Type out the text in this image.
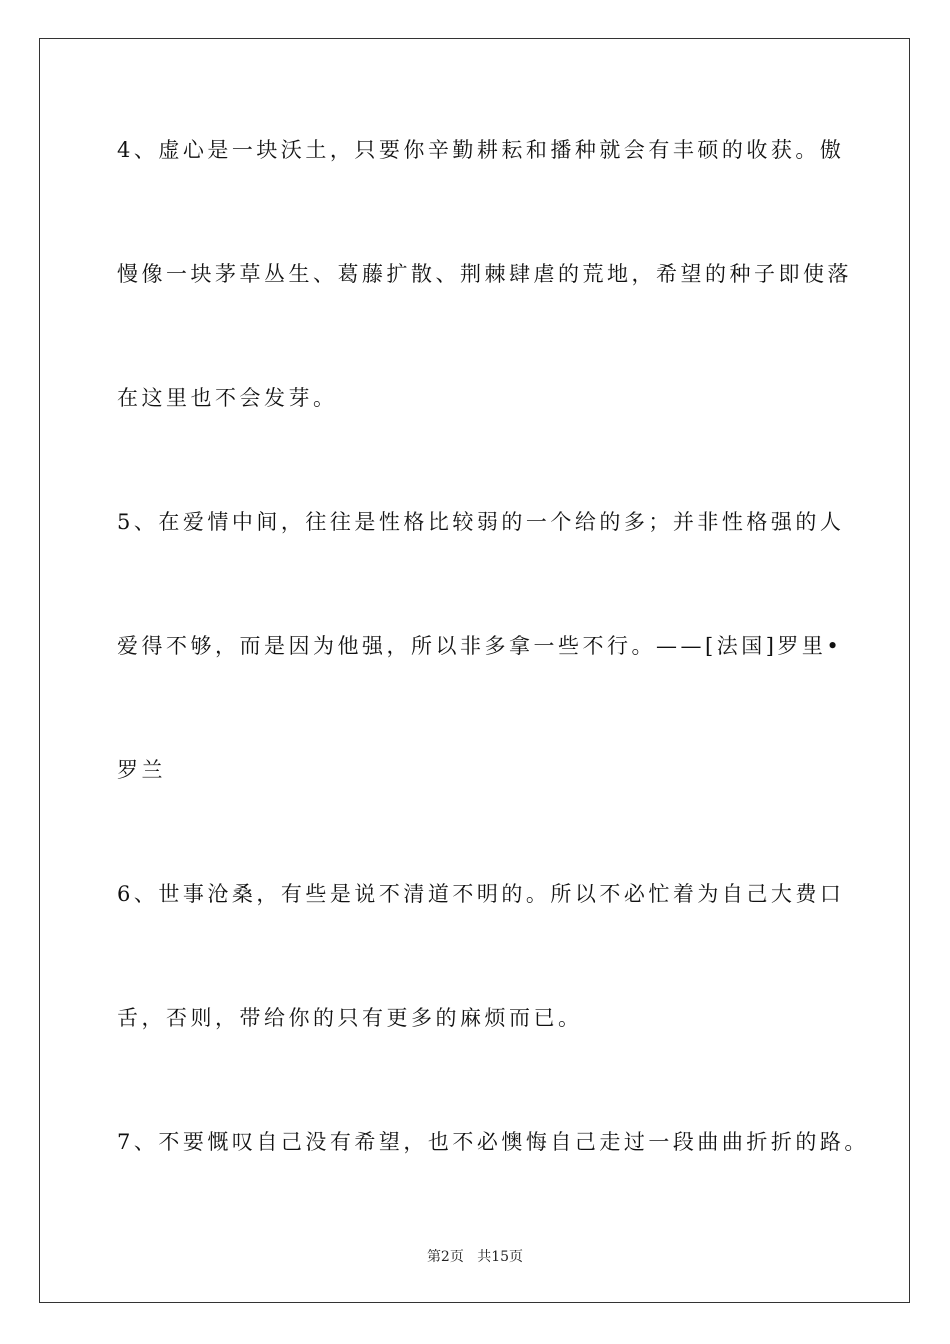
4、虚心是一块沃土，只要你辛勤耕耘和播种就会有丰硕的收获。傲
慢像一块茅草丛生、葛藤扩散、荆棘肆虐的荒地，希望的种子即使落
在这里也不会发芽。
5、在爱情中间，往往是性格比较弱的一个给的多；并非性格强的人
爱得不够，而是因为他强，所以非多拿一些不行。——[法国]罗里•
罗兰
6、世事沧桑，有些是说不清道不明的。所以不必忙着为自己大费口
舌，否则，带给你的只有更多的麻烦而已。
7、不要慨叹自己没有希望，也不必懊悔自己走过一段曲曲折折的路。
第2页 共15页
